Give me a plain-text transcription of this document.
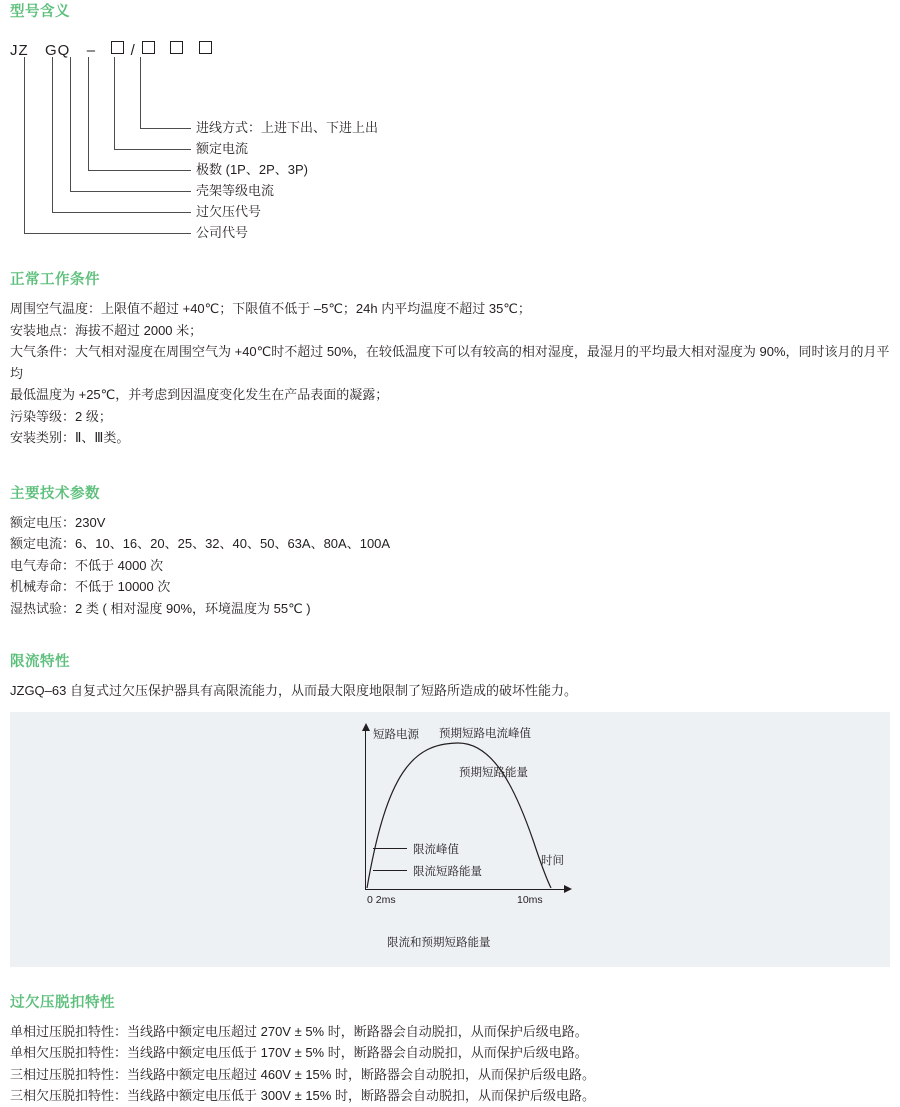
型号含义
JZ GQ – /
进线方式：上进下出、下进上出
额定电流
极数 (1P、2P、3P)
壳架等级电流
过欠压代号
公司代号
正常工作条件
周围空气温度：上限值不超过 +40℃；下限值不低于 –5℃；24h 内平均温度不超过 35℃；
安装地点：海拔不超过 2000 米；
大气条件：大气相对湿度在周围空气为 +40℃时不超过 50%，在较低温度下可以有较高的相对湿度，最湿月的平均最大相对湿度为 90%，同时该月的月平均
最低温度为 +25℃，并考虑到因温度变化发生在产品表面的凝露；
污染等级：2 级；
安装类别：Ⅱ、Ⅲ类。
主要技术参数
额定电压：230V
额定电流：6、10、16、20、25、32、40、50、63A、80A、100A
电气寿命：不低于 4000 次
机械寿命：不低于 10000 次
湿热试验：2 类 ( 相对湿度 90%，环境温度为 55℃ )
限流特性
JZGQ–63 自复式过欠压保护器具有高限流能力，从而最大限度地限制了短路所造成的破坏性能力。
短路电源
时间
预期短路电流峰值
预期短路能量
限流峰值
限流短路能量
0 2ms	10ms
限流和预期短路能量
过欠压脱扣特性
单相过压脱扣特性：当线路中额定电压超过 270V ± 5% 时，断路器会自动脱扣，从而保护后级电路。
单相欠压脱扣特性：当线路中额定电压低于 170V ± 5% 时，断路器会自动脱扣，从而保护后级电路。
三相过压脱扣特性：当线路中额定电压超过 460V ± 15% 时，断路器会自动脱扣，从而保护后级电路。
三相欠压脱扣特性：当线路中额定电压低于 300V ± 15% 时，断路器会自动脱扣，从而保护后级电路。
